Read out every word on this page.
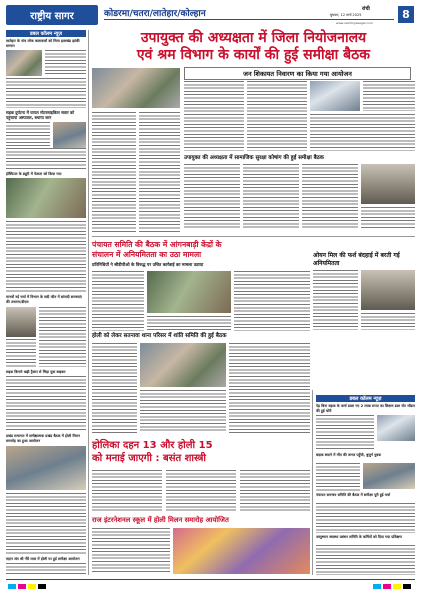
राष्ट्रीय सागर	कोडरमा/चतरा/लातेहार/कोल्हान	रांची
बुधवार, 12 मार्च 2025
www.rashtriyasagar.com
8
डबल कॉलम न्यूज़
लातेहार के पांच लोक कलाकारों को मिला झारखंड झांकी सम्मान
सड़क दुर्घटना में घायल मोटरसाइकिल सवार को पहुंचाया अस्पताल, बचाया जान
हॉस्पिटल के ड्यूटी में फेलता को किया गया
मानवों नई चर्चा में विभाग के सदी जीत में सांसदी समस्याएं की उजागर/डीएस
सड़क किनारे खड़ी ट्रैक्टर से भिड़ा युवा बाइकर
प्रखंड सभागार में समीक्षात्मक प्रखंड बैठक में होली मिलन समारोह का हुआ आयोजन
महान संत श्री गौरे लाल में होली पर हुई समीक्षा आयोजन
उपायुक्त की अध्यक्षता में जिला नियोजनालय
एवं श्रम विभाग के कार्यों की हुई समीक्षा बैठक
जन शिकायत निवारण का किया गया आयोजन
उपायुक्त की अध्यक्षता में सामाजिक सुरक्षा कोषांग की हुई समीक्षा बैठक
पंचायत समिति की बैठक में आंगनबाड़ी केंद्रों के
संचालन में अनियमितता का उठा मामला
प्रतिनिधियों ने सीडीपीओ के विरुद्ध पर उचित कार्रवाई का मामला उठाया
ओयन मिल की फर्श बंदहाई में बरती गई अनियमितता
होली को लेकर सतनावा थाना परिसर में शांति समिति की हुई बैठक
डबल कॉलम न्यूज़
पेड़ बिना सड़क के फर्मा डाला गए 2 लाख रूपए का शिक्षण ढाल नोट मॉडल की हुई चोरी
बाइक बचाने में मौत की कगार पहुँची, बुजुर्ग युवक
पंचायत समन्वय समिति की बैठक में समीक्षा पूरी हुई चर्चा
आयुष्मान स्वास्थ्य प्रबंधन समिति के कर्मियों को दिया गया प्रशिक्षण
होलिका दहन 13 और होली 15
को मनाई जाएगी : बसंत शास्त्री
राज इंटरनेशनल स्कूल में होली मिलन समारोह आयोजित
